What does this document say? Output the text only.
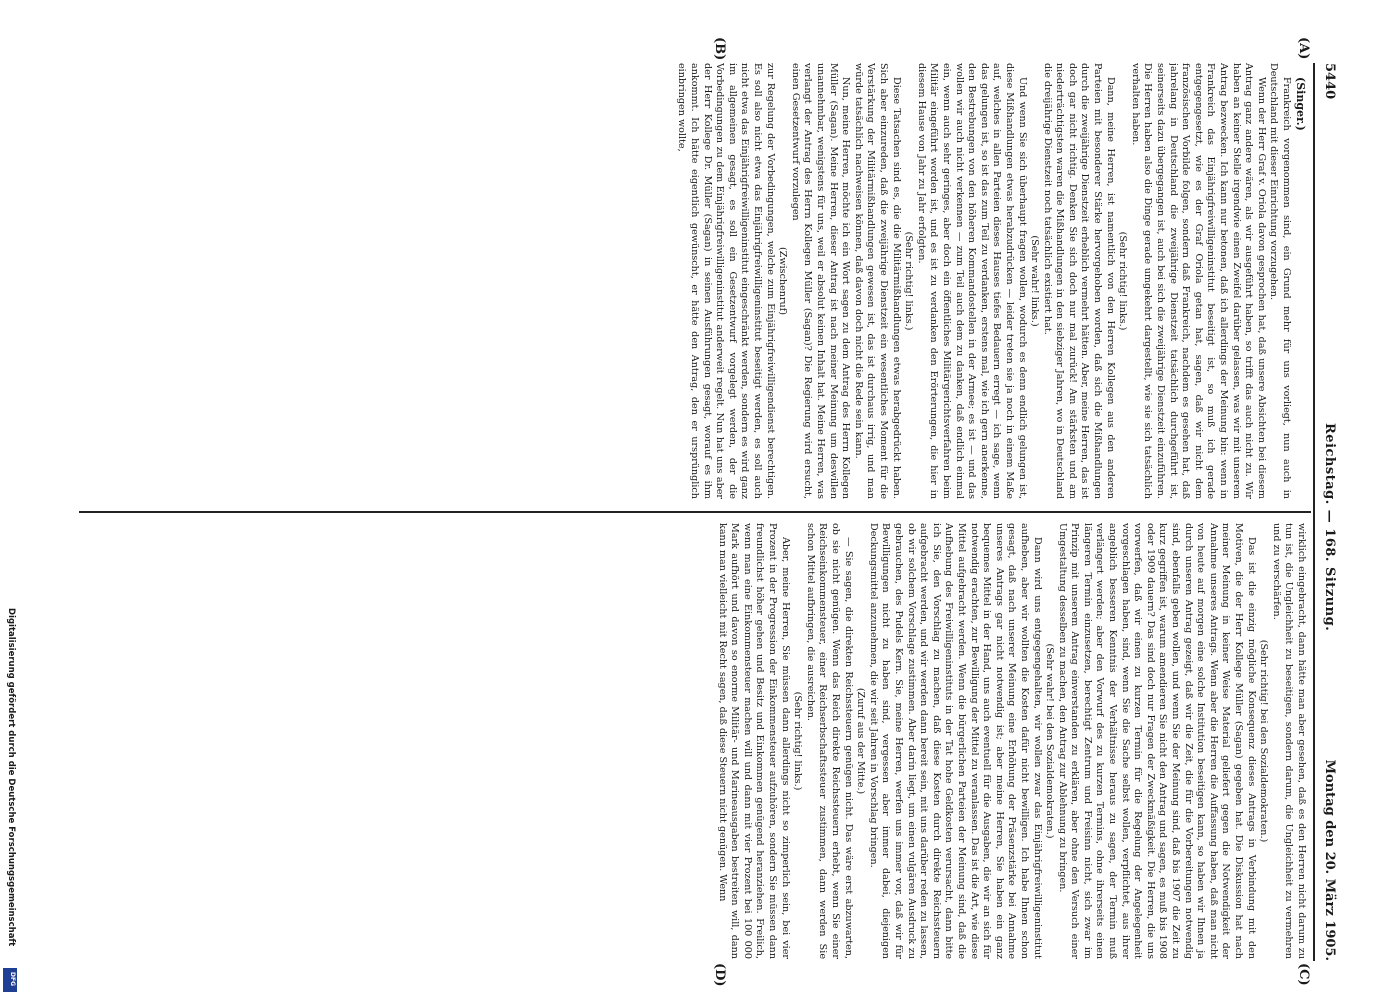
5440
Reichstag. — 168. Sitzung.
Montag den 20. März 1905.
(A)
(B)
(C)
(D)

(Singer.)

Frankreich vorgenommen sind, ein Grund mehr für uns vorliegt, nun auch in Deutschland mit dieser Einrichtung vorzugehen.

Wenn der Herr Graf v. Oriola davon gesprochen hat, daß unsere Absichten bei diesem Antrag ganz andere wären, als wir ausgeführt haben, so trifft das auch nicht zu. Wir haben an keiner Stelle irgendwie einen Zweifel darüber gelassen, was wir mit unserem Antrag bezwecken. Ich kann nur betonen, daß ich allerdings der Meinung bin: wenn in Frankreich das Einjährigfreiwilligeninstitut beseitigt ist, so muß ich gerade entgegengesetzt, wie es der Graf Oriola getan hat, sagen, daß wir nicht dem französischen Vorbilde folgen, sondern daß Frankreich, nachdem es gesehen hat, daß jahrelang in Deutschland die zweijährige Dienstzeit tatsächlich durchgeführt ist, seinerseits dazu übergegangen ist, auch bei sich die zweijährige Dienstzeit einzuführen. Die Herren haben also die Dinge gerade umgekehrt dargestellt, wie sie sich tatsächlich verhalten haben.

(Sehr richtig! links.)

Dann, meine Herren, ist namentlich von den Herren Kollegen aus den anderen Parteien mit besonderer Stärke hervorgehoben worden, daß sich die Mißhandlungen durch die zweijährige Dienstzeit erheblich vermehrt hätten. Aber, meine Herren, das ist doch gar nicht richtig. Denken Sie sich doch nur mal zurück! Am stärksten und am niederträchtigsten waren die Mißhandlungen in den siebziger Jahren, wo in Deutschland die dreijährige Dienstzeit noch tatsächlich existiert hat.

(Sehr wahr! links.)

Und wenn Sie sich überhaupt fragen wollen, wodurch es denn endlich gelungen ist, diese Mißhandlungen etwas herabzudrücken — leider treten sie ja noch in einem Maße auf, welches in allen Parteien dieses Hauses tiefes Bedauern erregt — ich sage, wenn das gelungen ist, so ist das zum Teil zu verdanken, erstens mal, wie ich gern anerkenne, den Bestrebungen von den höheren Kommandostellen in der Armee; es ist — und das wollen wir auch nicht verkennen — zum Teil auch dem zu danken, daß endlich einmal ein, wenn auch sehr geringes, aber doch ein öffentliches Militärgerichtsverfahren beim Militär eingeführt worden ist, und es ist zu verdanken den Erörterungen, die hier in diesem Hause von Jahr zu Jahr erfolgten.

(Sehr richtig! links.)

Diese Tatsachen sind es, die die Militärmißhandlungen etwas herabgedrückt haben. Sich aber einzureden, daß die zweijährige Dienstzeit ein wesentliches Moment für die Verstärkung der Militärmißhandlungen gewesen ist, das ist durchaus irrig, und man würde tatsächlich nachweisen können, daß davon doch nicht die Rede sein kann.

Nun, meine Herren, möchte ich ein Wort sagen zu dem Antrag des Herrn Kollegen Müller (Sagan). Meine Herren, dieser Antrag ist nach meiner Meinung um deswillen unannehmbar, wenigstens für uns, weil er absolut keinen Inhalt hat. Meine Herren, was verlangt der Antrag des Herrn Kollegen Müller (Sagan)? Die Regierung wird ersucht, einen Gesetzentwurf vorzulegen

(Zwischenruf)

zur Regelung der Vorbedingungen, welche zum Einjährigfreiwilligendienst berechtigen. Es soll also nicht etwa das Einjährigfreiwilligeninstitut beseitigt werden, es soll auch nicht etwa das Einjährigfreiwilligeninstitut eingeschränkt werden, sondern es wird ganz im allgemeinen gesagt, es soll ein Gesetzentwurf vorgelegt werden, der die Vorbedingungen zu dem Einjährigfreiwilligeninstitut anderweit regelt. Nun hat uns aber der Herr Kollege Dr. Müller (Sagan) in seinen Ausführungen gesagt, worauf es ihm ankommt. Ich hätte eigentlich gewünscht, er hätte den Antrag, den er ursprünglich einbringen wollte,

wirklich eingebracht, dann hätte man aber gesehen, daß es den Herren nicht darum zu tun ist, die Ungleichheit zu beseitigen, sondern darum, die Ungleichheit zu vermehren und zu verschärfen.

(Sehr richtig! bei den Sozialdemokraten.)

Das ist die einzig mögliche Konsequenz dieses Antrags in Verbindung mit den Motiven, die der Herr Kollege Müller (Sagan) gegeben hat. Die Diskussion hat nach meiner Meinung in keiner Weise Material geliefert gegen die Notwendigkeit der Annahme unseres Antrags. Wenn aber die Herren die Auffassung haben, daß man nicht von heute auf morgen eine solche Institution beseitigen kann, so haben wir Ihnen ja durch unseren Antrag gezeigt, daß wir die Zeit, die für die Vorbereitungen notwendig sind, ebenfalls geben wollen, und wenn Sie der Meinung sind, daß bis 1907 die Zeit zu kurz gegriffen ist, warum amendieren Sie nicht den Antrag und sagen, es muß bis 1908 oder 1909 dauern? Das sind doch nur Fragen der Zweckmäßigkeit. Die Herren, die uns vorwerfen, daß wir einen zu kurzen Termin für die Regelung der Angelegenheit vorgeschlagen haben, sind, wenn Sie die Sache selbst wollen, verpflichtet, aus ihrer angeblich besseren Kenntnis der Verhältnisse heraus zu sagen, der Termin muß verlängert werden; aber den Vorwurf des zu kurzen Termins, ohne ihrerseits einen längeren Termin einzusetzen, berechtigt Zentrum und Freisinn nicht, sich zwar im Prinzip mit unserem Antrag einverstanden zu erklären, aber ohne den Versuch einer Umgestaltung desselben zu machen, den Antrag zur Ablehnung zu bringen.

(Sehr wahr! bei den Sozialdemokraten.)

Dann wird uns entgegengehalten, wir wollen zwar das Einjährigfreiwilligeninstitut aufheben, aber wir wollten die Kosten dafür nicht bewilligen. Ich habe Ihnen schon gesagt, daß nach unserer Meinung eine Erhöhung der Präsenzstärke bei Annahme unseres Antrags gar nicht notwendig ist; aber meine Herren, Sie haben ein ganz bequemes Mittel in der Hand, uns auch eventuell für die Ausgaben, die wir an sich für notwendig erachten, zur Bewilligung der Mittel zu veranlassen. Das ist die Art, wie diese Mittel aufgebracht werden. Wenn die bürgerlichen Parteien der Meinung sind, daß die Aufhebung des Freiwilligeninstituts in der Tat hohe Geldkosten verursacht, dann bitte ich Sie, den Vorschlag zu machen, daß diese Kosten durch direkte Reichssteuern aufgebracht werden, und wir werden dann bereit sein, mit uns darüber reden zu lassen, ob wir solchem Vorschlage zustimmen. Aber darin liegt, um einen vulgären Ausdruck zu gebrauchen, des Pudels Kern. Sie, meine Herren, werfen uns immer vor, daß wir für Bewilligungen nicht zu haben sind, vergessen aber immer dabei, diejenigen Deckungsmittel anzunehmen, die wir seit Jahren in Vorschlag bringen.

(Zuruf aus der Mitte.)

— Sie sagen, die direkten Reichssteuern genügen nicht. Das wäre erst abzuwarten, ob sie nicht genügen. Wenn das Reich direkte Reichssteuern erhebt, wenn Sie einer Reichseinkommensteuer, einer Reichserbschaftssteuer zustimmen, dann werden Sie schon Mittel aufbringen, die ausreichen.

(Sehr richtig! links.)

Aber, meine Herren, Sie müssen dann allerdings nicht so zimperlich sein, bei vier Prozent in der Progression der Einkommensteuer aufzuhören, sondern Sie müssen dann freundlichst höher gehen und Besitz und Einkommen genügend heranziehen. Freilich, wenn man eine Einkommensteuer machen will und dann mit vier Prozent bei 100 000 Mark aufhört und davon so enorme Militär- und Marineausgaben bestreiten will, dann kann man vielleicht mit Recht sagen, daß diese Steuern nicht genügen. Wenn

Digitalisierung gefördert durch die Deutsche Forschungsgemeinschaft
DFG
